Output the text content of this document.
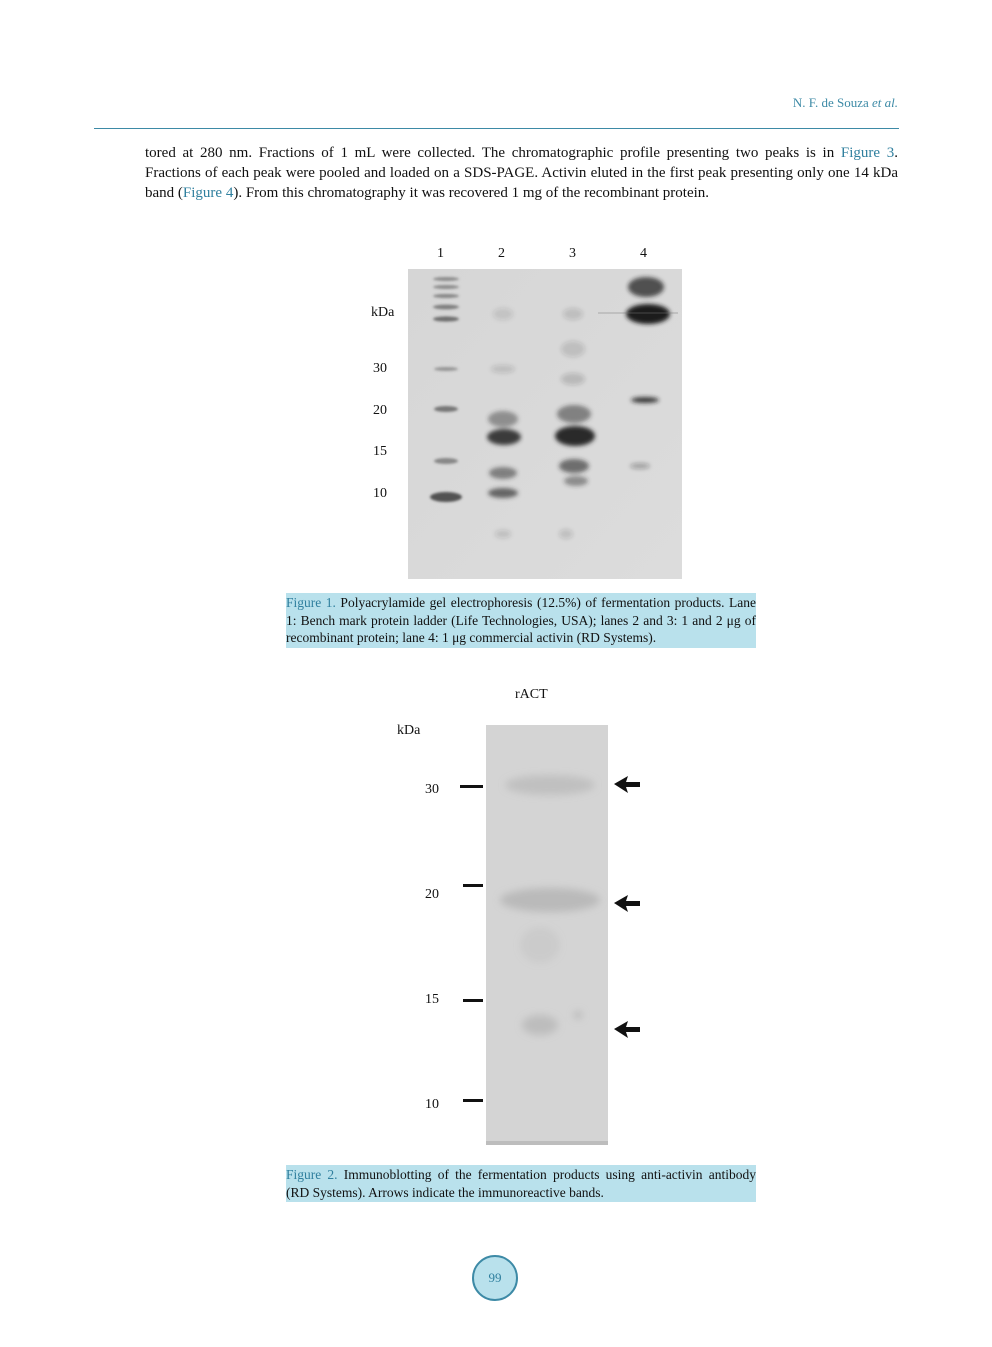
N. F. de Souza et al.
tored at 280 nm. Fractions of 1 mL were collected. The chromatographic profile presenting two peaks is in Figure 3. Fractions of each peak were pooled and loaded on a SDS-PAGE. Activin eluted in the first peak presenting only one 14 kDa band (Figure 4). From this chromatography it was recovered 1 mg of the recombinant protein.
1	2	3	4
kDa
30
20
15
10
Figure 1. Polyacrylamide gel electrophoresis (12.5%) of fermentation products. Lane 1: Bench mark protein ladder (Life Technologies, USA); lanes 2 and 3: 1 and 2 μg of recombinant protein; lane 4: 1 μg commercial activin (RD Systems).
rACT
kDa
30
20
15
10
Figure 2. Immunoblotting of the fermentation products using anti-activin antibody (RD Systems). Arrows indicate the immunoreactive bands.
99
